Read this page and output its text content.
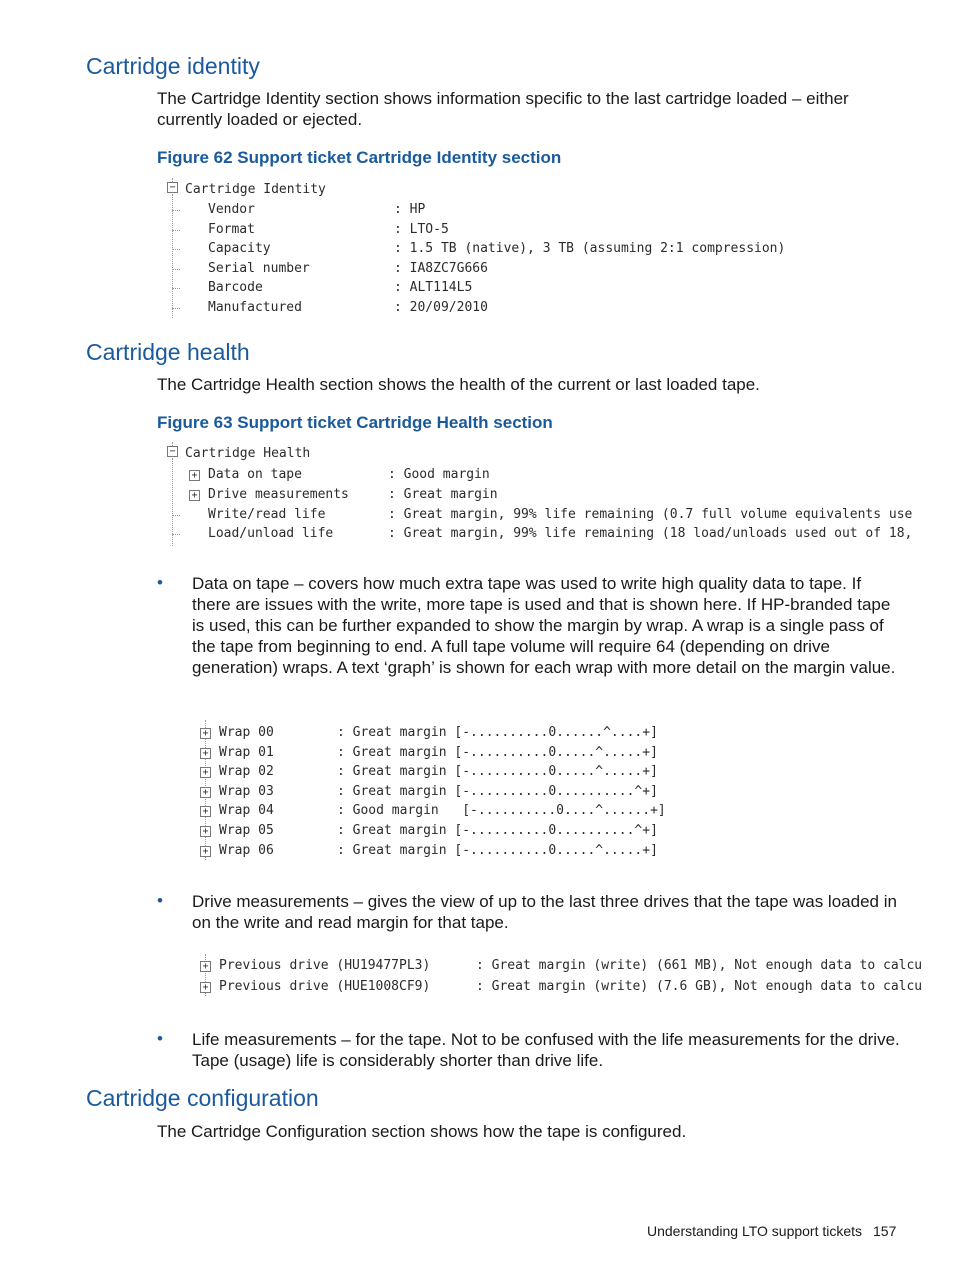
Cartridge identity
The Cartridge Identity section shows information specific to the last cartridge loaded – either currently loaded or ejected.
Figure 62 Support ticket Cartridge Identity section
− Cartridge Identity
Vendor	: HP
Format	: LTO-5
Capacity	: 1.5 TB (native), 3 TB (assuming 2:1 compression)
Serial number	: IA8ZC7G666
Barcode	: ALT114L5
Manufactured	: 20/09/2010
Cartridge health
The Cartridge Health section shows the health of the current or last loaded tape.
Figure 63 Support ticket Cartridge Health section
− Cartridge Health
+ Data on tape	: Good margin
+ Drive measurements	: Great margin
Write/read life	: Great margin, 99% life remaining (0.7 full volume equivalents use
Load/unload life	: Great margin, 99% life remaining (18 load/unloads used out of 18,
• Data on tape – covers how much extra tape was used to write high quality data to tape. If there are issues with the write, more tape is used and that is shown here. If HP-branded tape is used, this can be further expanded to show the margin by wrap. A wrap is a single pass of the tape from beginning to end. A full tape volume will require 64 (depending on drive generation) wraps. A text ‘graph’ is shown for each wrap with more detail on the margin value.
+ Wrap 00	: Great margin [-..........0......^....+]
+ Wrap 01	: Great margin [-..........0.....^.....+]
+ Wrap 02	: Great margin [-..........0.....^.....+]
+ Wrap 03	: Great margin [-..........0..........^+]
+ Wrap 04	: Good margin   [-..........0....^......+]
+ Wrap 05	: Great margin [-..........0..........^+]
+ Wrap 06	: Great margin [-..........0.....^.....+]
• Drive measurements – gives the view of up to the last three drives that the tape was loaded in on the write and read margin for that tape.
+ Previous drive (HU19477PL3)	: Great margin (write) (661 MB), Not enough data to calcu
+ Previous drive (HUE1008CF9)	: Great margin (write) (7.6 GB), Not enough data to calcu
• Life measurements – for the tape. Not to be confused with the life measurements for the drive. Tape (usage) life is considerably shorter than drive life.
Cartridge configuration
The Cartridge Configuration section shows how the tape is configured.
Understanding LTO support tickets 157
